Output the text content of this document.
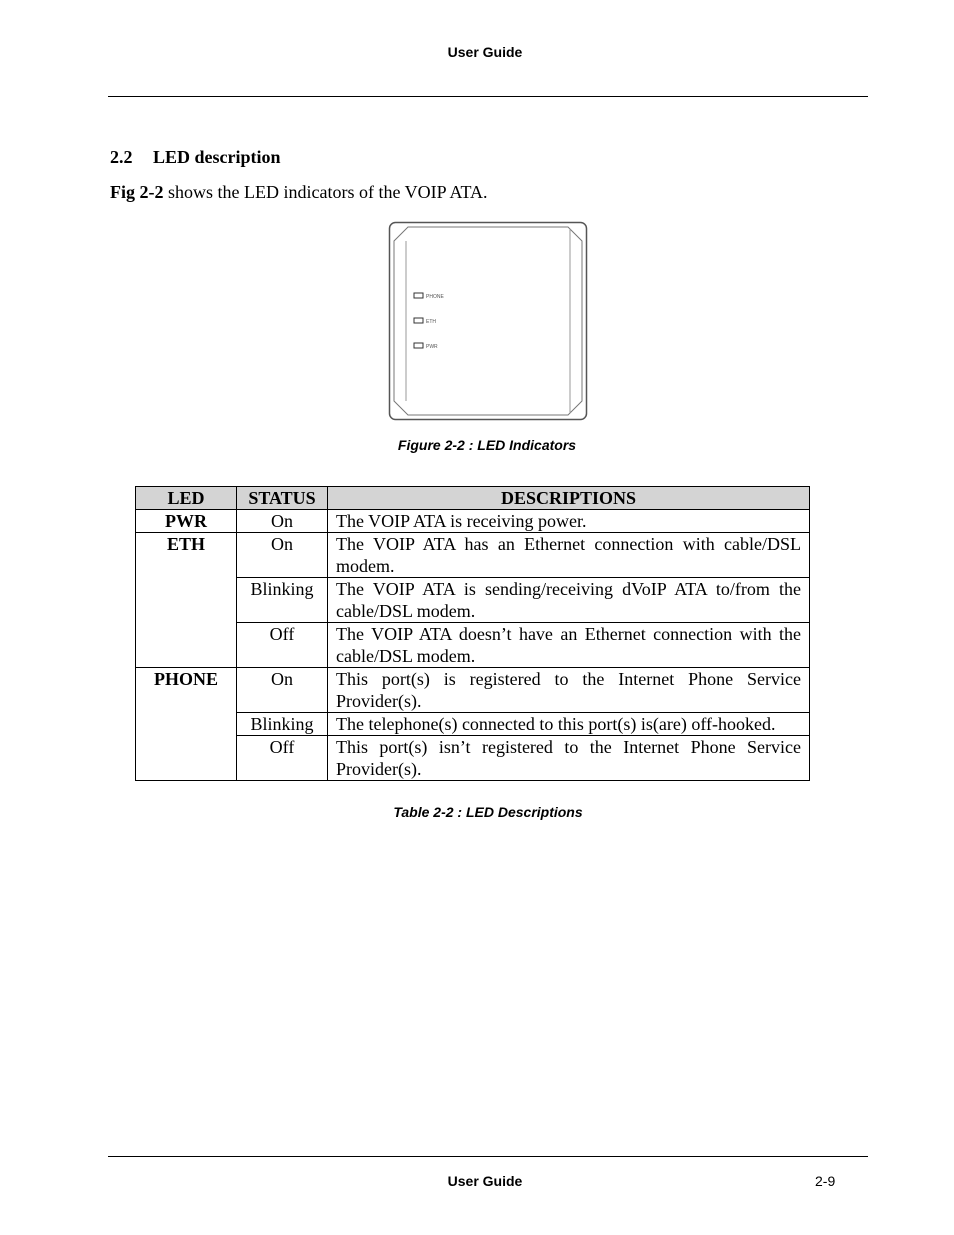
User Guide
2.2 LED description
Fig 2-2 shows the LED indicators of the VOIP ATA.
PHONE
ETH
PWR
Figure 2-2 : LED Indicators
LED	STATUS	DESCRIPTIONS
PWR	On	The VOIP ATA is receiving power.
ETH	On	The VOIP ATA has an Ethernet connection with cable/DSL modem.
	Blinking	The VOIP ATA is sending/receiving dVoIP ATA to/from the cable/DSL modem.
	Off	The VOIP ATA doesn’t have an Ethernet connection with the cable/DSL modem.
PHONE	On	This port(s) is registered to the Internet Phone Service Provider(s).
	Blinking	The telephone(s) connected to this port(s) is(are) off-hooked.
	Off	This port(s) isn’t registered to the Internet Phone Service Provider(s).
Table 2-2 : LED Descriptions
User Guide	2-9
